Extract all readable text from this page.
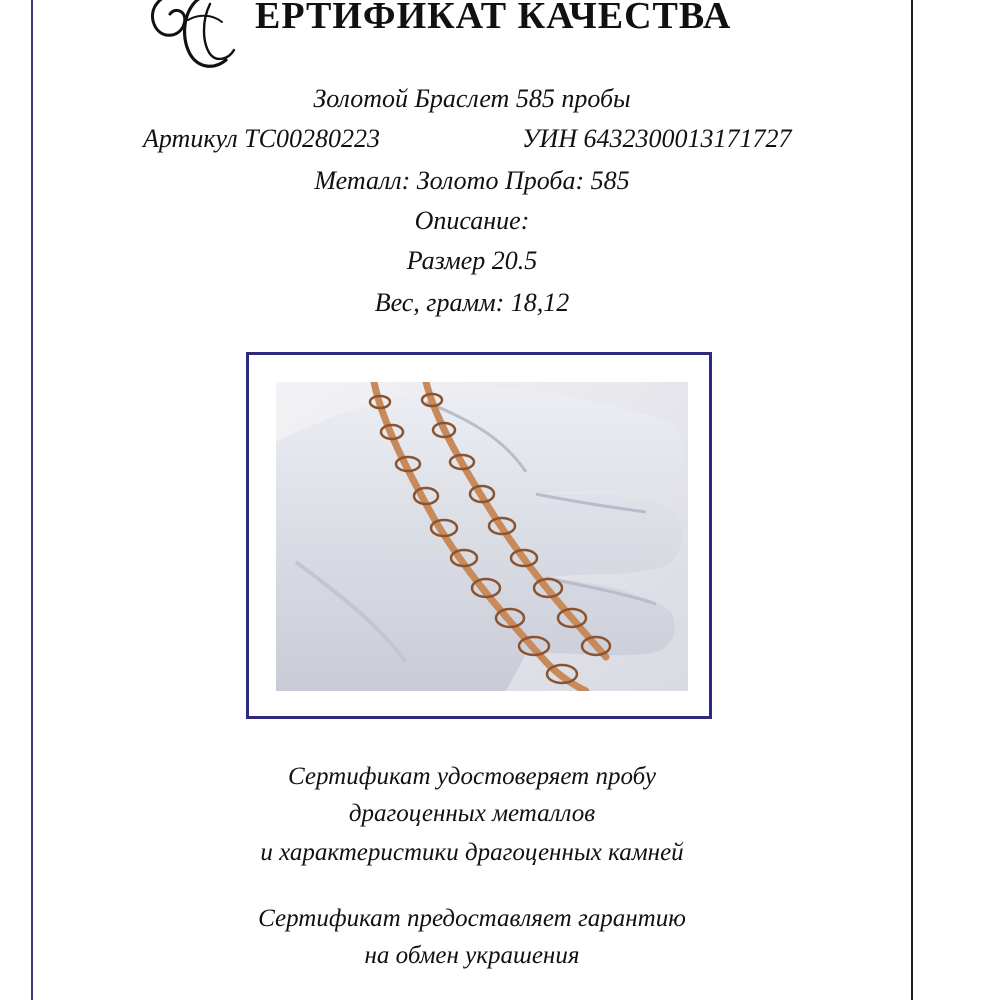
ЕРТИФИКАТ КАЧЕСТВА

Золотой Браслет 585 пробы

Артикул ТС00280223	УИН 6432300013171727

Металл: Золото Проба: 585

Описание:

Размер 20.5

Вес, грамм: 18,12

Сертификат удостоверяет пробу

драгоценных металлов

и характеристики драгоценных камней

Сертификат предоставляет гарантию

на обмен украшения
